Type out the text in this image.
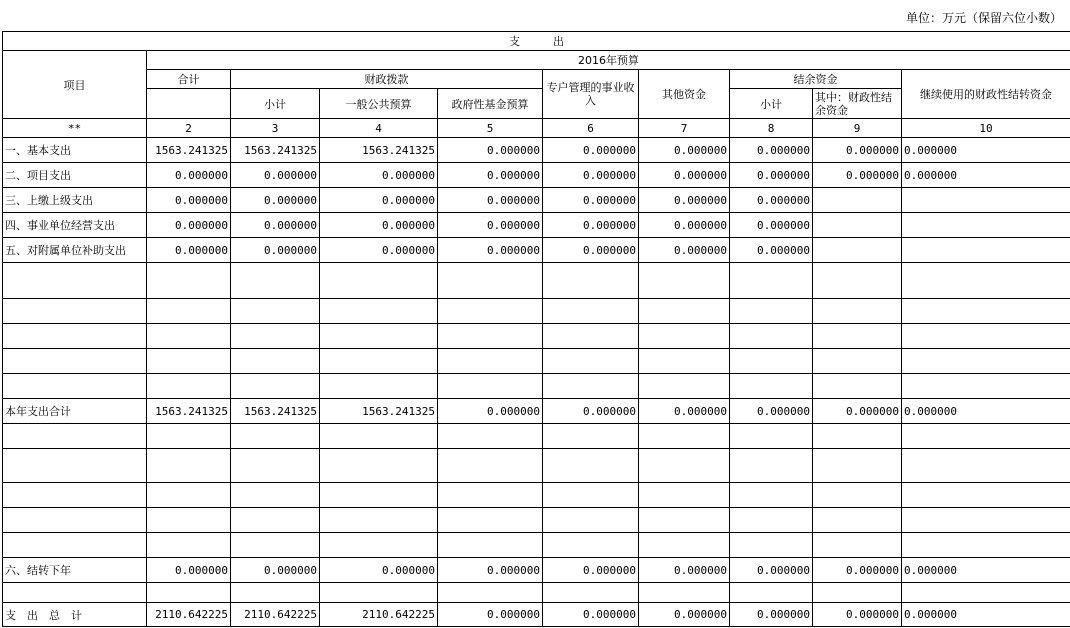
单位：万元（保留六位小数）
支　　　出									
项目	2016年预算								
	合计	财政拨款			专户管理的事业收入	其他资金	结余资金		继续使用的财政性结转资金
		小计	一般公共预算	政府性基金预算			小计	其中：财政性结余资金	
**	2	3	4	5	6	7	8	9	10
一、基本支出	1563.241325	1563.241325	1563.241325	0.000000	0.000000	0.000000	0.000000	0.000000	0.000000
二、项目支出	0.000000	0.000000	0.000000	0.000000	0.000000	0.000000	0.000000	0.000000	0.000000
三、上缴上级支出	0.000000	0.000000	0.000000	0.000000	0.000000	0.000000	0.000000		
四、事业单位经营支出	0.000000	0.000000	0.000000	0.000000	0.000000	0.000000	0.000000		
五、对附属单位补助支出	0.000000	0.000000	0.000000	0.000000	0.000000	0.000000	0.000000		

本年支出合计	1563.241325	1563.241325	1563.241325	0.000000	0.000000	0.000000	0.000000	0.000000	0.000000

六、结转下年	0.000000	0.000000	0.000000	0.000000	0.000000	0.000000	0.000000	0.000000	0.000000

支　出　总　计	2110.642225	2110.642225	2110.642225	0.000000	0.000000	0.000000	0.000000	0.000000	0.000000
